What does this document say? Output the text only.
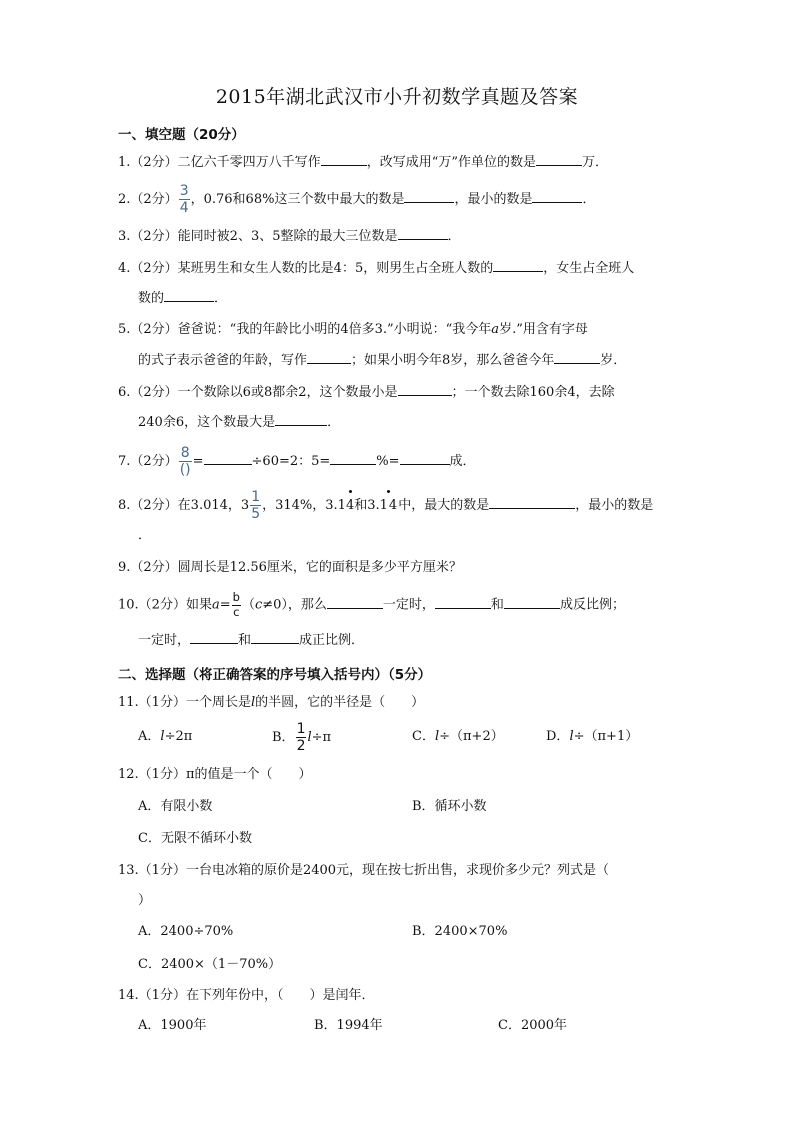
2015年湖北武汉市小升初数学真题及答案
一、填空题（20分）
1.（2分）二亿六千零四万八千写作	，改写成用“万”作单位的数是	万．
2.（2分） $\frac{3}{4}$ ，0.76和68%这三个数中最大的数是	，最小的数是	．
3.（2分）能同时被2、3、5整除的最大三位数是	．
4.（2分）某班男生和女生人数的比是4：5，则男生占全班人数的	，女生占全班人
数的	．
5.（2分）爸爸说：“我的年龄比小明的4倍多3.”小明说：“我今年a岁.”用含有字母
的式子表示爸爸的年龄，写作	；如果小明今年8岁，那么爸爸今年	岁．
6.（2分）一个数除以6或8都余2，这个数最小是	；一个数去除160余4，去除
240余6，这个数最大是	．
7.（2分） $\frac{8}{()}$ =	÷60=2：5=	%=	成．
8.（2分）在3.014，$3 \frac{1}{5}$ ，314%，3.14和3.14中，最大的数是	，最小的数是
．
9.（2分）圆周长是12.56厘米，它的面积是多少平方厘米？
10.（2分）如果$a= \frac{b}{c} (c\ne 0)$，那么	一定时，	和	成反比例；
一定时，	和	成正比例．
二、选择题（将正确答案的序号填入括号内）（5分）
11.（1分）一个周长是l的半圆，它的半径是（　　）
A．l÷2π	B． $\frac{1}{2} l\div\pi$	C．l÷（π+2）	D．l÷（π+1）
12.（1分）π的值是一个（　　）
A．有限小数	B．循环小数
C．无限不循环小数
13.（1分）一台电冰箱的原价是2400元，现在按七折出售，求现价多少元？列式是（
）
A．2400÷70%	B．2400×70%
C．2400×（1－70%）
14.（1分）在下列年份中，（　　）是闰年．
A．1900年	B．1994年	C．2000年
